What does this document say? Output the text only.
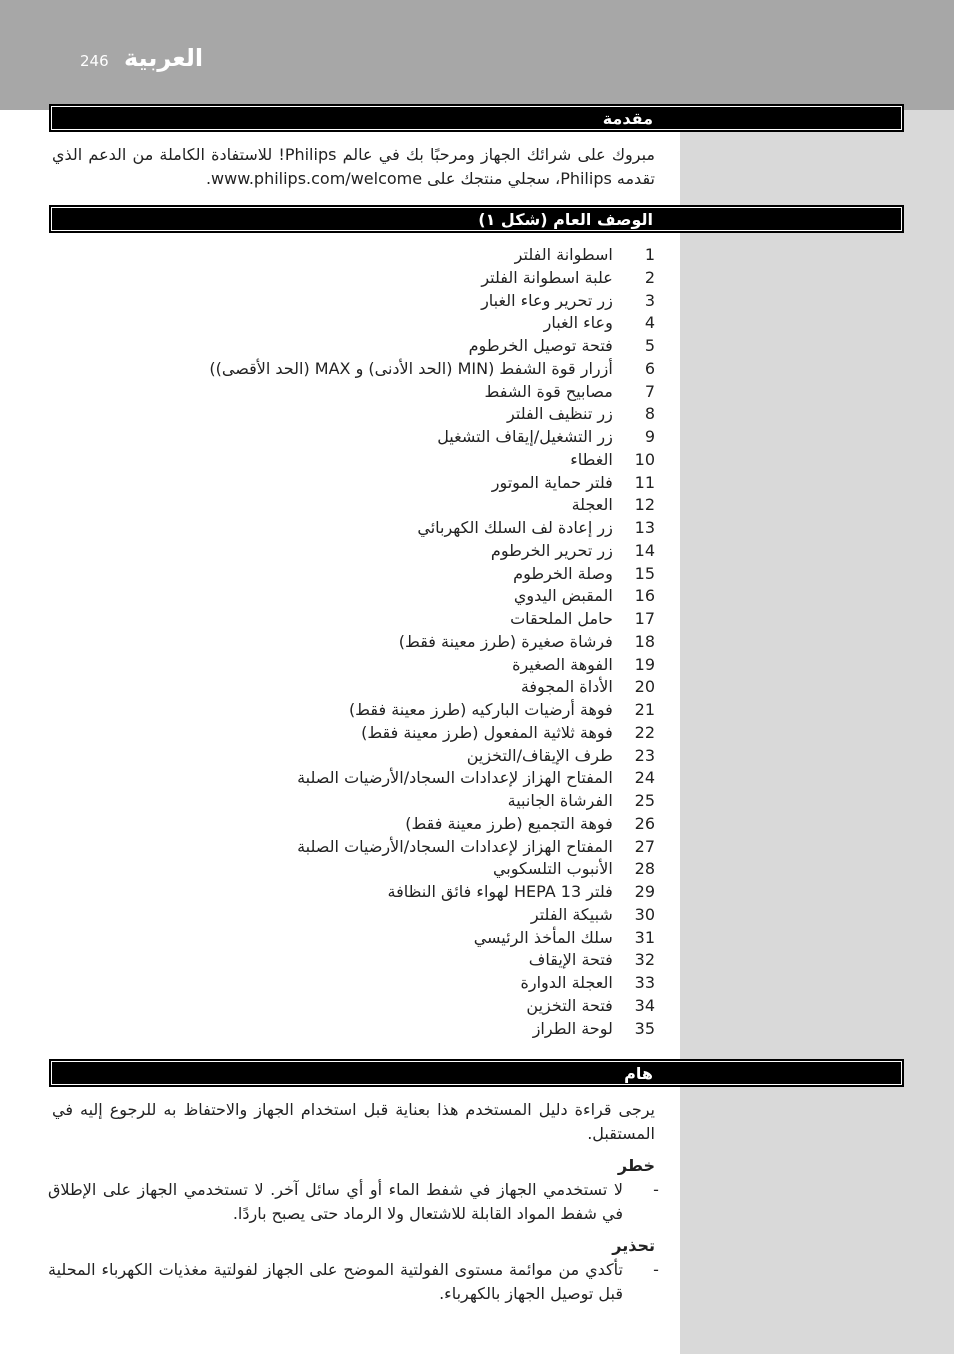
246 العربية
مقدمة
مبروك على شرائك الجهاز ومرحبًا بك في عالم Philips! للاستفادة الكاملة من الدعم الذي تقدمه Philips، سجلي منتجك على www.philips.com/welcome.
الوصف العام (شكل ١)
1  اسطوانة الفلتر
2  علبة اسطوانة الفلتر
3  زر تحرير وعاء الغبار
4  وعاء الغبار
5  فتحة توصيل الخرطوم
6  أزرار قوة الشفط (MIN (الحد الأدنى) و MAX (الحد الأقصى))
7  مصابيح قوة الشفط
8  زر تنظيف الفلتر
9  زر التشغيل/إيقاف التشغيل
10  الغطاء
11  فلتر حماية الموتور
12  العجلة
13  زر إعادة لف السلك الكهربائي
14  زر تحرير الخرطوم
15  وصلة الخرطوم
16  المقبض اليدوي
17  حامل الملحقات
18  فرشاة صغيرة (طرز معينة فقط)
19  الفوهة الصغيرة
20  الأداة المجوفة
21  فوهة أرضيات الباركيه (طرز معينة فقط)
22  فوهة ثلاثية المفعول (طرز معينة فقط)
23  طرف الإيقاف/التخزين
24  المفتاح الهزاز لإعدادات السجاد/الأرضيات الصلبة
25  الفرشاة الجانبية
26  فوهة التجميع (طرز معينة فقط)
27  المفتاح الهزاز لإعدادات السجاد/الأرضيات الصلبة
28  الأنبوب التلسكوبي
29  فلتر HEPA 13 لهواء فائق النظافة
30  شبيكة الفلتر
31  سلك المأخذ الرئيسي
32  فتحة الإيقاف
33  العجلة الدوارة
34  فتحة التخزين
35  لوحة الطراز
هام
يرجى قراءة دليل المستخدم هذا بعناية قبل استخدام الجهاز والاحتفاظ به للرجوع إليه في المستقبل.
خطر
-
لا تستخدمي الجهاز في شفط الماء أو أي سائل آخر. لا تستخدمي الجهاز على الإطلاق في شفط المواد القابلة للاشتعال ولا الرماد حتى يصبح باردًا.
تحذير
-
تأكدي من موائمة مستوى الفولتية الموضح على الجهاز لفولتية مغذيات الكهرباء المحلية قبل توصيل الجهاز بالكهرباء.
